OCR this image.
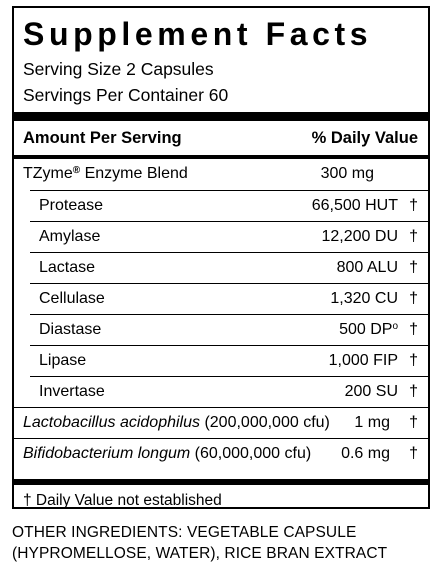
Supplement Facts
Serving Size 2 Capsules
Servings Per Container 60
Amount Per Serving	% Daily Value
TZyme® Enzyme Blend	300 mg
Protease	66,500 HUT †
Amylase	12,200 DU †
Lactase	800 ALU †
Cellulase	1,320 CU †
Diastase	500 $DP^o$ †
Lipase	1,000 FIP †
Invertase	200 SU †
Lactobacillus acidophilus (200,000,000 cfu) 1 mg †
Bifidobacterium longum (60,000,000 cfu) 0.6 mg †
† Daily Value not established
OTHER INGREDIENTS: VEGETABLE CAPSULE (HYPROMELLOSE, WATER), RICE BRAN EXTRACT
